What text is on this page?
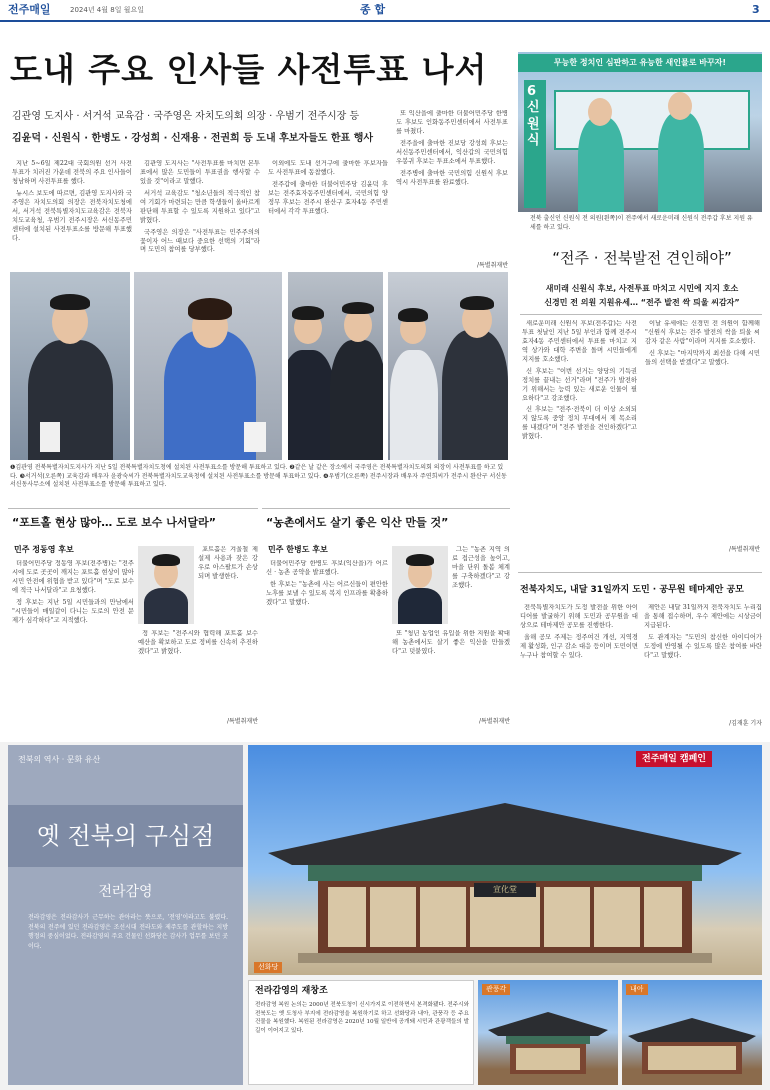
전주매일	2024년 4월 8일 월요일	종 합	3
도내 주요 인사들 사전투표 나서
김관영 도지사 · 서거석 교육감 · 국주영은 자치도의회 의장 · 우범기 전주시장 등
김윤덕 · 신원식 · 한병도 · 강성희 · 신재용 · 전권희 등 도내 후보자들도 한표 행사

지난 5~6일 제22대 국회의원 선거 사전투표가 치러진 가운데 전북의 주요 인사들이 청남하며 사전투표를 했다.

뉴시스 보도에 따르면, 김관영 도지사와 국주영은 자치도의회 의장은 전북자치도청에서, 서거석 전북특별자치도교육감은 전북자치도교육청, 우범기 전주시장은 서신동주민센터에 설치된 사전투표소를 방문해 투표했다.

김관영 도지사는 "사전투표를 마치면 본투표에서 많은 도민들이 투표권을 행사할 수 있을 것"이라고 말했다.

서거석 교육감도 "청소년들의 적극적인 참여 기회가 마련되는 만큼 학생들이 올바르게 판단해 투표할 수 있도록 지원하고 있다"고 밝혔다.

국주영은 의장은 "사전투표는 민주주의의 꽃이자 어느 때보다 중요한 선택의 기회"라며 도민의 참여를 당부했다.

이외에도 도내 선거구에 출마한 후보자들도 사전투표에 동참했다.

전주갑에 출마한 더불어민주당 김윤덕 후보는 전주효자동주민센터에서, 국민의힘 양정무 후보는 전주시 완산구 효자4동 주민센터에서 각각 투표했다.

또 익산을에 출마한 더불어민주당 한병도 후보도 인화동주민센터에서 사전투표를 마쳤다.

전주을에 출마한 진보당 강성희 후보는 서신동주민센터에서, 익산갑의 국민의힘 우봉귀 후보는 투표소에서 투표했다.

전주병에 출마한 국민의힘 신원식 후보 역시 사전투표를 완료했다.

/특별취재반
❶김관영 전북특별자치도지사가 지난 5일 전북특별자치도청에 설치된 사전투표소를 방문해 투표하고 있다. ❷같은 날 같은 장소에서 국주영은 전북특별자치도의회 의장이 사전투표를 하고 있다. ❸서거석(오른쪽) 교육감과 배우자 윤광숙씨가 전북특별자치도교육청에 설치된 사전투표소를 방문해 투표하고 있다. ❹우범기(오른쪽) 전주시장과 배우자 주연희씨가 전주시 완산구 서신동 서신동사무소에 설치된 사전투표소를 방문해 투표하고 있다.
무능한 정치인 심판하고 유능한 새인물로 바꾸자!
6
신
원
식
전북 출신인 신원식 전 의원(왼쪽)이 전주에서 새로운미래 신원식 전주갑 후보 지원 유세를 하고 있다.
“전주 · 전북발전 견인해야”
새미래 신원식 후보, 사전투표 마치고 시민에 지지 호소
신경민 전 의원 지원유세… “전주 발전 싹 틔울 씨감자”

새로운미래 신원식 후보(전주갑)는 사전투표 첫날인 지난 5일 부인과 함께 전주시 효자4동 주민센터에서 투표를 마치고 지역 상가와 대학 주변을 돌며 시민들에게 지지를 호소했다.

신 후보는 "이번 선거는 양당의 기득권 정치를 끝내는 선거"라며 "전주가 발전하기 위해서는 능력 있는 새로운 인물이 필요하다"고 강조했다.

신 후보는 "전주·전북이 더 이상 소외되지 않도록 중앙 정치 무대에서 제 목소리를 내겠다"며 "전주 발전을 견인하겠다"고 밝혔다.

이날 유세에는 신경민 전 의원이 함께해 "신원식 후보는 전주 발전의 싹을 틔울 씨감자 같은 사람"이라며 지지를 호소했다.

신 후보는 "마지막까지 최선을 다해 시민들의 선택을 받겠다"고 말했다.

/특별취재반
“포트홀 현상 많아… 도로 보수 나서달라”
민주 정동영 후보

더불어민주당 정동영 후보(전주병)는 "전주시에 도로 곳곳이 깨지는 포트홀 현상이 많아 시민 안전에 위협을 받고 있다"며 "도로 보수에 적극 나서달라"고 요청했다.

정 후보는 지난 5일 시민들과의 만남에서 "시민들이 매일같이 다니는 도로의 안전 문제가 심각하다"고 지적했다.

포트홀은 겨울철 제설제 사용과 잦은 강우로 아스팔트가 손상되며 발생한다.

정 후보는 "전주시와 협력해 포트홀 보수 예산을 확보하고 도로 정비를 신속히 추진하겠다"고 밝혔다.

/특별취재반
“농촌에서도 살기 좋은 익산 만들 것”
민주 한병도 후보

더불어민주당 한병도 후보(익산을)가 어르신 · 농촌 공약을 발표했다.

한 후보는 "농촌에 사는 어르신들이 편안한 노후를 보낼 수 있도록 복지 인프라를 확충하겠다"고 말했다.

그는 "농촌 지역 의료 접근성을 높이고, 마을 단위 돌봄 체계를 구축하겠다"고 강조했다.

또 "청년 농업인 유입을 위한 지원을 확대해 농촌에서도 살기 좋은 익산을 만들겠다"고 덧붙였다.

/특별취재반
전북자치도, 내달 31일까지 도민 · 공무원 테마제안 공모

전북특별자치도가 도정 발전을 위한 아이디어를 발굴하기 위해 도민과 공무원을 대상으로 테마제안 공모를 진행한다.

올해 공모 주제는 정주여건 개선, 지역경제 활성화, 인구 감소 대응 등이며 도민이면 누구나 참여할 수 있다.

제안은 내달 31일까지 전북자치도 누리집을 통해 접수하며, 우수 제안에는 시상금이 지급된다.

도 관계자는 "도민의 참신한 아이디어가 도정에 반영될 수 있도록 많은 참여를 바란다"고 말했다.

/김재훈 기자
전북의 역사 · 문화 유산
옛 전북의 구심점
전라감영
전라감영은 전라감사가 근무하는 관아라는 뜻으로, '전영'이라고도 불렸다. 전북의 전주에 있던 전라감영은 조선시대 전라도와 제주도를 관할하는 지방 행정의 중심이었다. 전라감영의 주요 건물인 선화당은 감사가 업무를 보던 곳이다.
전주매일 캠페인
宣化堂
전라감영의 재창조
전라감영 복원 논의는 2000년 전북도청이 신시가지로 이전하면서 본격화됐다. 전주시와 전북도는 옛 도청사 부지에 전라감영을 복원하기로 하고 선화당과 내아, 관풍각 등 주요 건물을 복원했다. 복원된 전라감영은 2020년 10월 일반에 공개돼 시민과 관광객들의 발길이 이어지고 있다.
선화당
관풍각	내아
